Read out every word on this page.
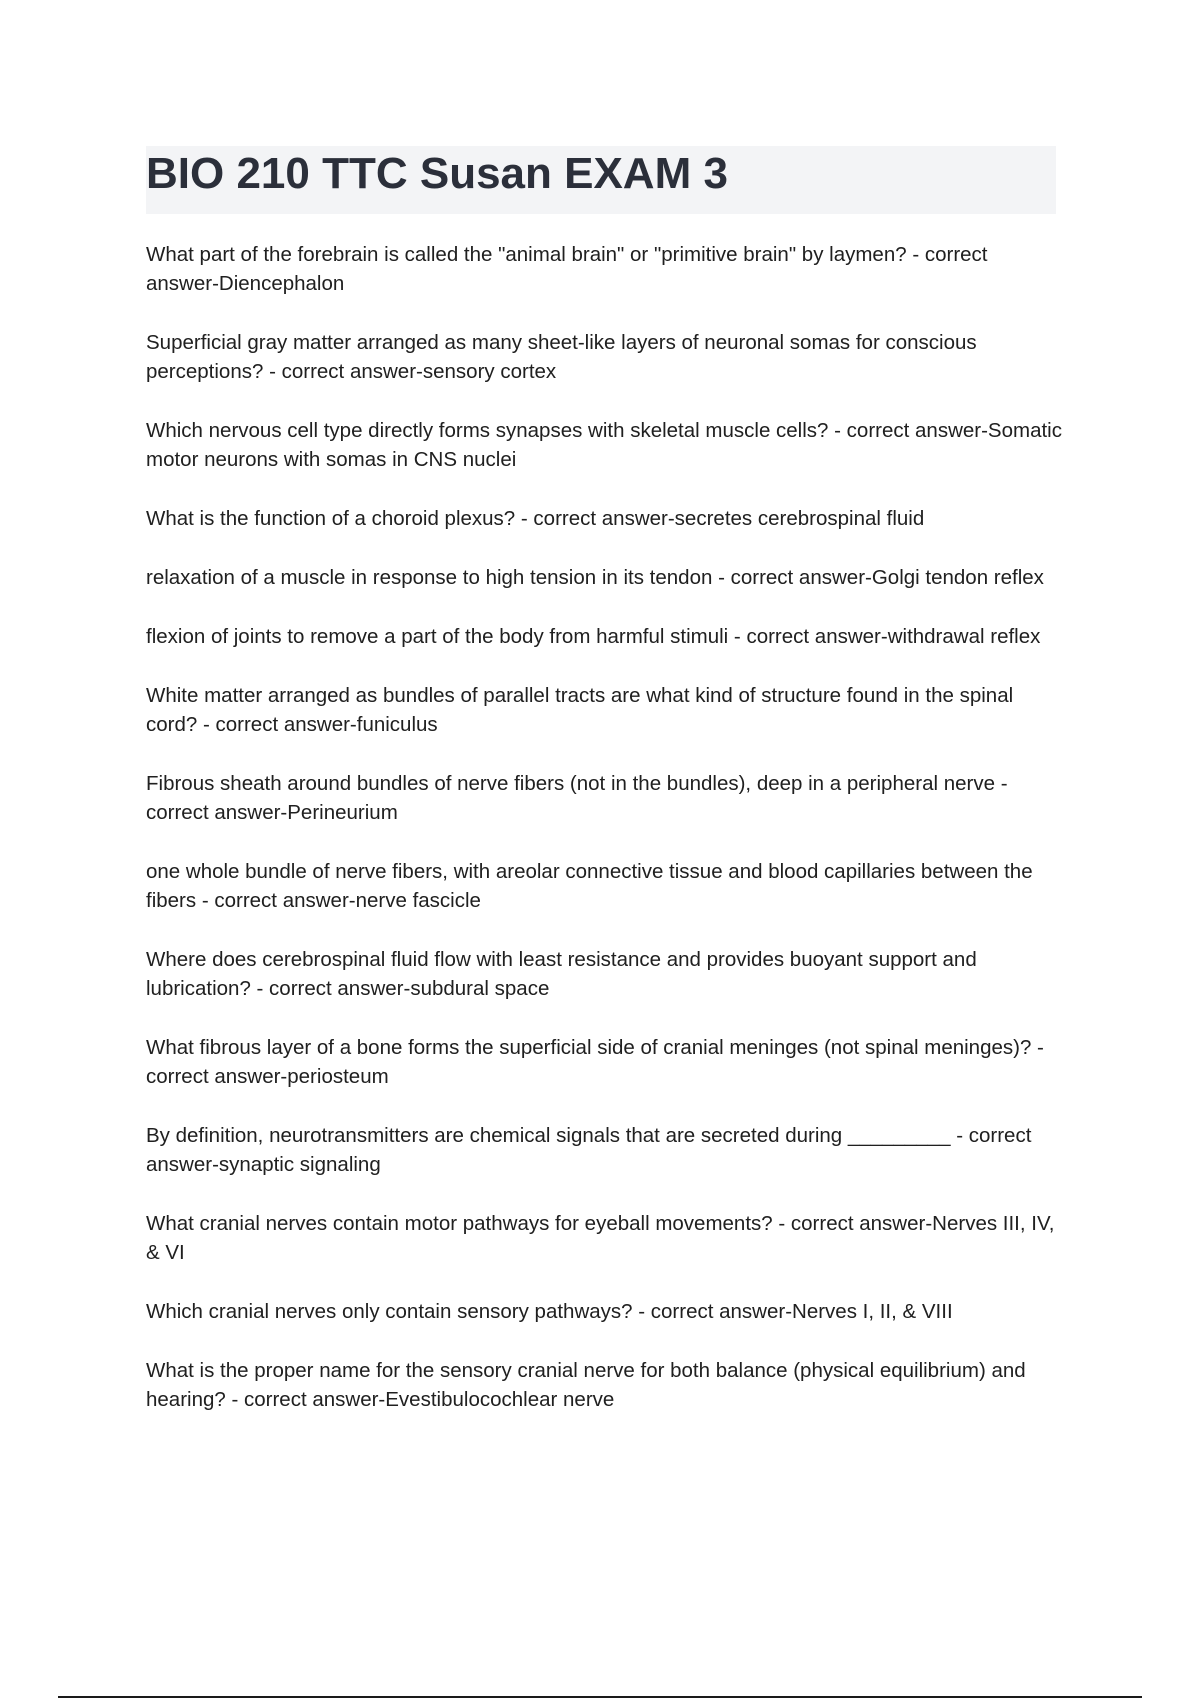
BIO 210 TTC Susan EXAM 3
What part of the forebrain is called the "animal brain" or "primitive brain" by laymen? - correct answer-Diencephalon
Superficial gray matter arranged as many sheet-like layers of neuronal somas for conscious perceptions? - correct answer-sensory cortex
Which nervous cell type directly forms synapses with skeletal muscle cells? - correct answer-Somatic motor neurons with somas in CNS nuclei
What is the function of a choroid plexus? - correct answer-secretes cerebrospinal fluid
relaxation of a muscle in response to high tension in its tendon - correct answer-Golgi tendon reflex
flexion of joints to remove a part of the body from harmful stimuli - correct answer-withdrawal reflex
White matter arranged as bundles of parallel tracts are what kind of structure found in the spinal cord? - correct answer-funiculus
Fibrous sheath around bundles of nerve fibers (not in the bundles), deep in a peripheral nerve - correct answer-Perineurium
one whole bundle of nerve fibers, with areolar connective tissue and blood capillaries between the fibers - correct answer-nerve fascicle
Where does cerebrospinal fluid flow with least resistance and provides buoyant support and lubrication? - correct answer-subdural space
What fibrous layer of a bone forms the superficial side of cranial meninges (not spinal meninges)? - correct answer-periosteum
By definition, neurotransmitters are chemical signals that are secreted during _________ - correct answer-synaptic signaling
What cranial nerves contain motor pathways for eyeball movements? - correct answer-Nerves III, IV, & VI
Which cranial nerves only contain sensory pathways? - correct answer-Nerves I, II, & VIII
What is the proper name for the sensory cranial nerve for both balance (physical equilibrium) and hearing? - correct answer-Evestibulocochlear nerve
